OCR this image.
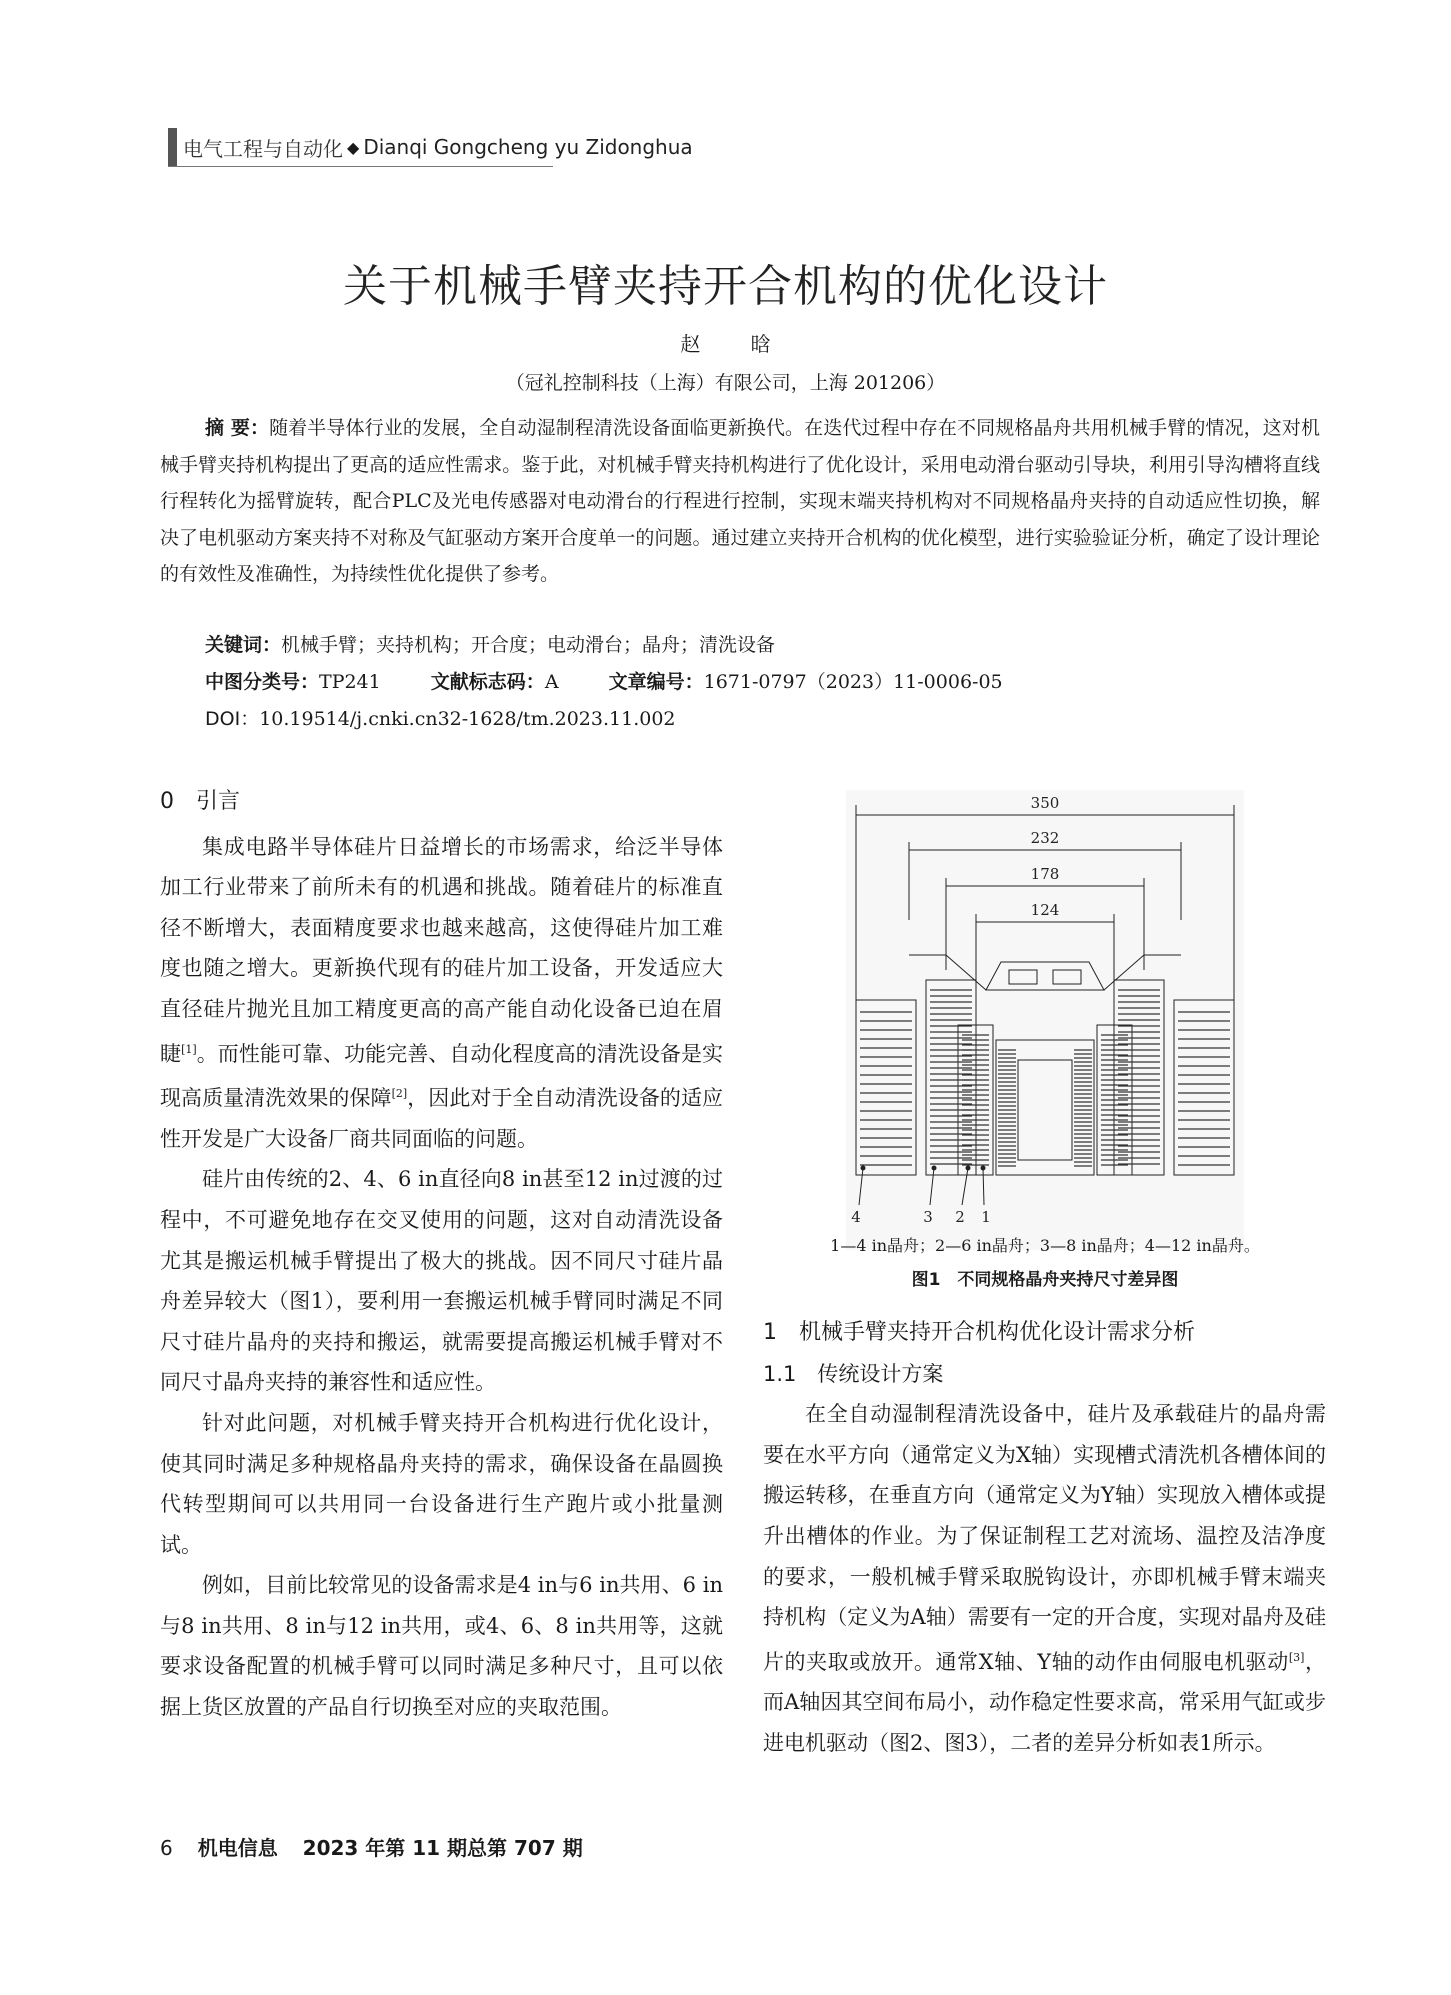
电气工程与自动化 ◆ Dianqi Gongcheng yu Zidonghua
关于机械手臂夹持开合机构的优化设计
赵 晗
（冠礼控制科技（上海）有限公司，上海 201206）
摘 要：随着半导体行业的发展，全自动湿制程清洗设备面临更新换代。在迭代过程中存在不同规格晶舟共用机械手臂的情况，这对机械手臂夹持机构提出了更高的适应性需求。鉴于此，对机械手臂夹持机构进行了优化设计，采用电动滑台驱动引导块，利用引导沟槽将直线行程转化为摇臂旋转，配合PLC及光电传感器对电动滑台的行程进行控制，实现末端夹持机构对不同规格晶舟夹持的自动适应性切换，解决了电机驱动方案夹持不对称及气缸驱动方案开合度单一的问题。通过建立夹持开合机构的优化模型，进行实验验证分析，确定了设计理论的有效性及准确性，为持续性优化提供了参考。
关键词：机械手臂；夹持机构；开合度；电动滑台；晶舟；清洗设备
中图分类号：TP241	文献标志码：A	文章编号：1671-0797（2023）11-0006-05
DOI：10.19514/j.cnki.cn32-1628/tm.2023.11.002
0　引言

集成电路半导体硅片日益增长的市场需求，给泛半导体加工行业带来了前所未有的机遇和挑战。随着硅片的标准直径不断增大，表面精度要求也越来越高，这使得硅片加工难度也随之增大。更新换代现有的硅片加工设备，开发适应大直径硅片抛光且加工精度更高的高产能自动化设备已迫在眉睫[1]。而性能可靠、功能完善、自动化程度高的清洗设备是实现高质量清洗效果的保障[2]，因此对于全自动清洗设备的适应性开发是广大设备厂商共同面临的问题。

硅片由传统的2、4、6 in直径向8 in甚至12 in过渡的过程中，不可避免地存在交叉使用的问题，这对自动清洗设备尤其是搬运机械手臂提出了极大的挑战。因不同尺寸硅片晶舟差异较大（图1），要利用一套搬运机械手臂同时满足不同尺寸硅片晶舟的夹持和搬运，就需要提高搬运机械手臂对不同尺寸晶舟夹持的兼容性和适应性。

针对此问题，对机械手臂夹持开合机构进行优化设计，使其同时满足多种规格晶舟夹持的需求，确保设备在晶圆换代转型期间可以共用同一台设备进行生产跑片或小批量测试。

例如，目前比较常见的设备需求是4 in与6 in共用、6 in与8 in共用、8 in与12 in共用，或4、6、8 in共用等，这就要求设备配置的机械手臂可以同时满足多种尺寸，且可以依据上货区放置的产品自行切换至对应的夹取范围。

350
232
178
124
4	3 2 1
1—4 in晶舟；2—6 in晶舟；3—8 in晶舟；4—12 in晶舟。
图1　不同规格晶舟夹持尺寸差异图
1　机械手臂夹持开合机构优化设计需求分析
1.1　传统设计方案

在全自动湿制程清洗设备中，硅片及承载硅片的晶舟需要在水平方向（通常定义为X轴）实现槽式清洗机各槽体间的搬运转移，在垂直方向（通常定义为Y轴）实现放入槽体或提升出槽体的作业。为了保证制程工艺对流场、温控及洁净度的要求，一般机械手臂采取脱钩设计，亦即机械手臂末端夹持机构（定义为A轴）需要有一定的开合度，实现对晶舟及硅片的夹取或放开。通常X轴、Y轴的动作由伺服电机驱动[3]，而A轴因其空间布局小，动作稳定性要求高，常采用气缸或步进电机驱动（图2、图3），二者的差异分析如表1所示。

6 机电信息 2023 年第 11 期总第 707 期
